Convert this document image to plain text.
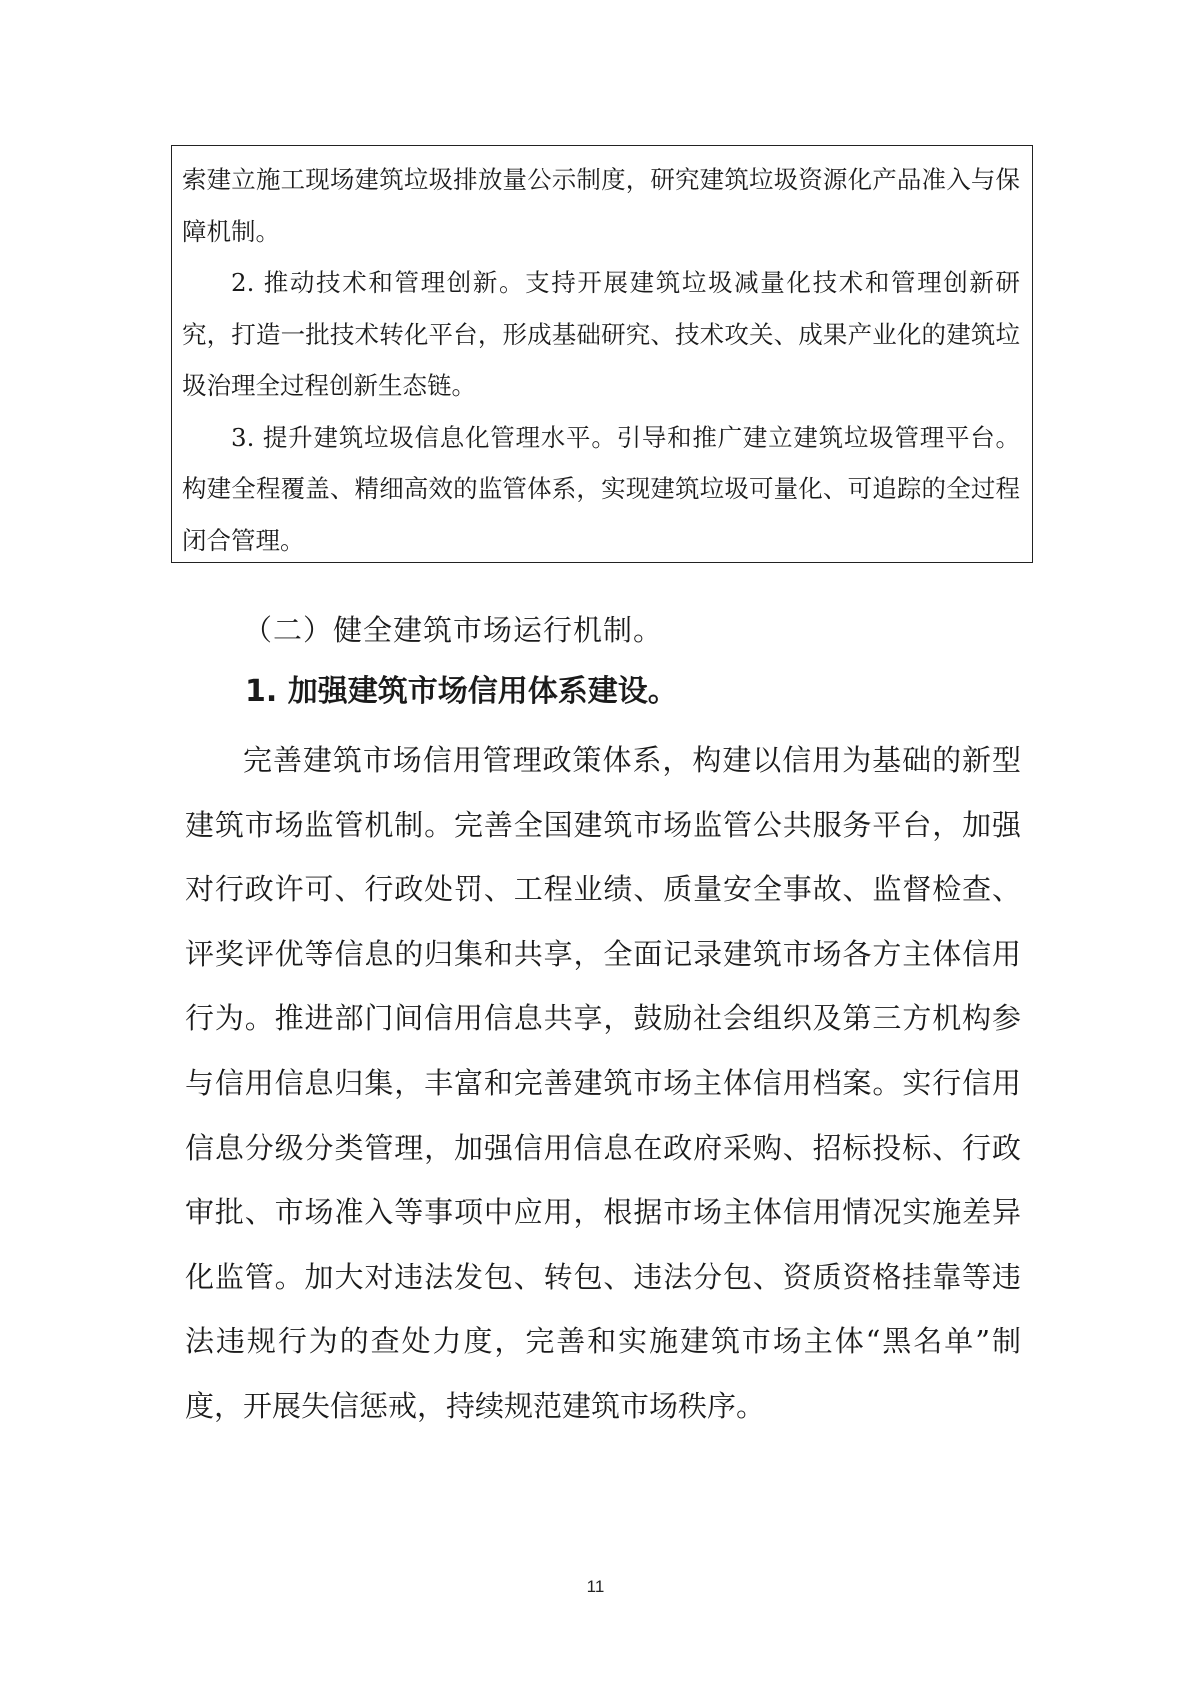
索建立施工现场建筑垃圾排放量公示制度，研究建筑垃圾资源化产品准入与保障机制。

2. 推动技术和管理创新。支持开展建筑垃圾减量化技术和管理创新研究，打造一批技术转化平台，形成基础研究、技术攻关、成果产业化的建筑垃圾治理全过程创新生态链。

3. 提升建筑垃圾信息化管理水平。引导和推广建立建筑垃圾管理平台。构建全程覆盖、精细高效的监管体系，实现建筑垃圾可量化、可追踪的全过程闭合管理。

（二）健全建筑市场运行机制。
1. 加强建筑市场信用体系建设。

完善建筑市场信用管理政策体系，构建以信用为基础的新型建筑市场监管机制。完善全国建筑市场监管公共服务平台，加强对行政许可、行政处罚、工程业绩、质量安全事故、监督检查、评奖评优等信息的归集和共享，全面记录建筑市场各方主体信用行为。推进部门间信用信息共享，鼓励社会组织及第三方机构参与信用信息归集，丰富和完善建筑市场主体信用档案。实行信用信息分级分类管理，加强信用信息在政府采购、招标投标、行政审批、市场准入等事项中应用，根据市场主体信用情况实施差异化监管。加大对违法发包、转包、违法分包、资质资格挂靠等违法违规行为的查处力度，完善和实施建筑市场主体“黑名单”制度，开展失信惩戒，持续规范建筑市场秩序。

11
